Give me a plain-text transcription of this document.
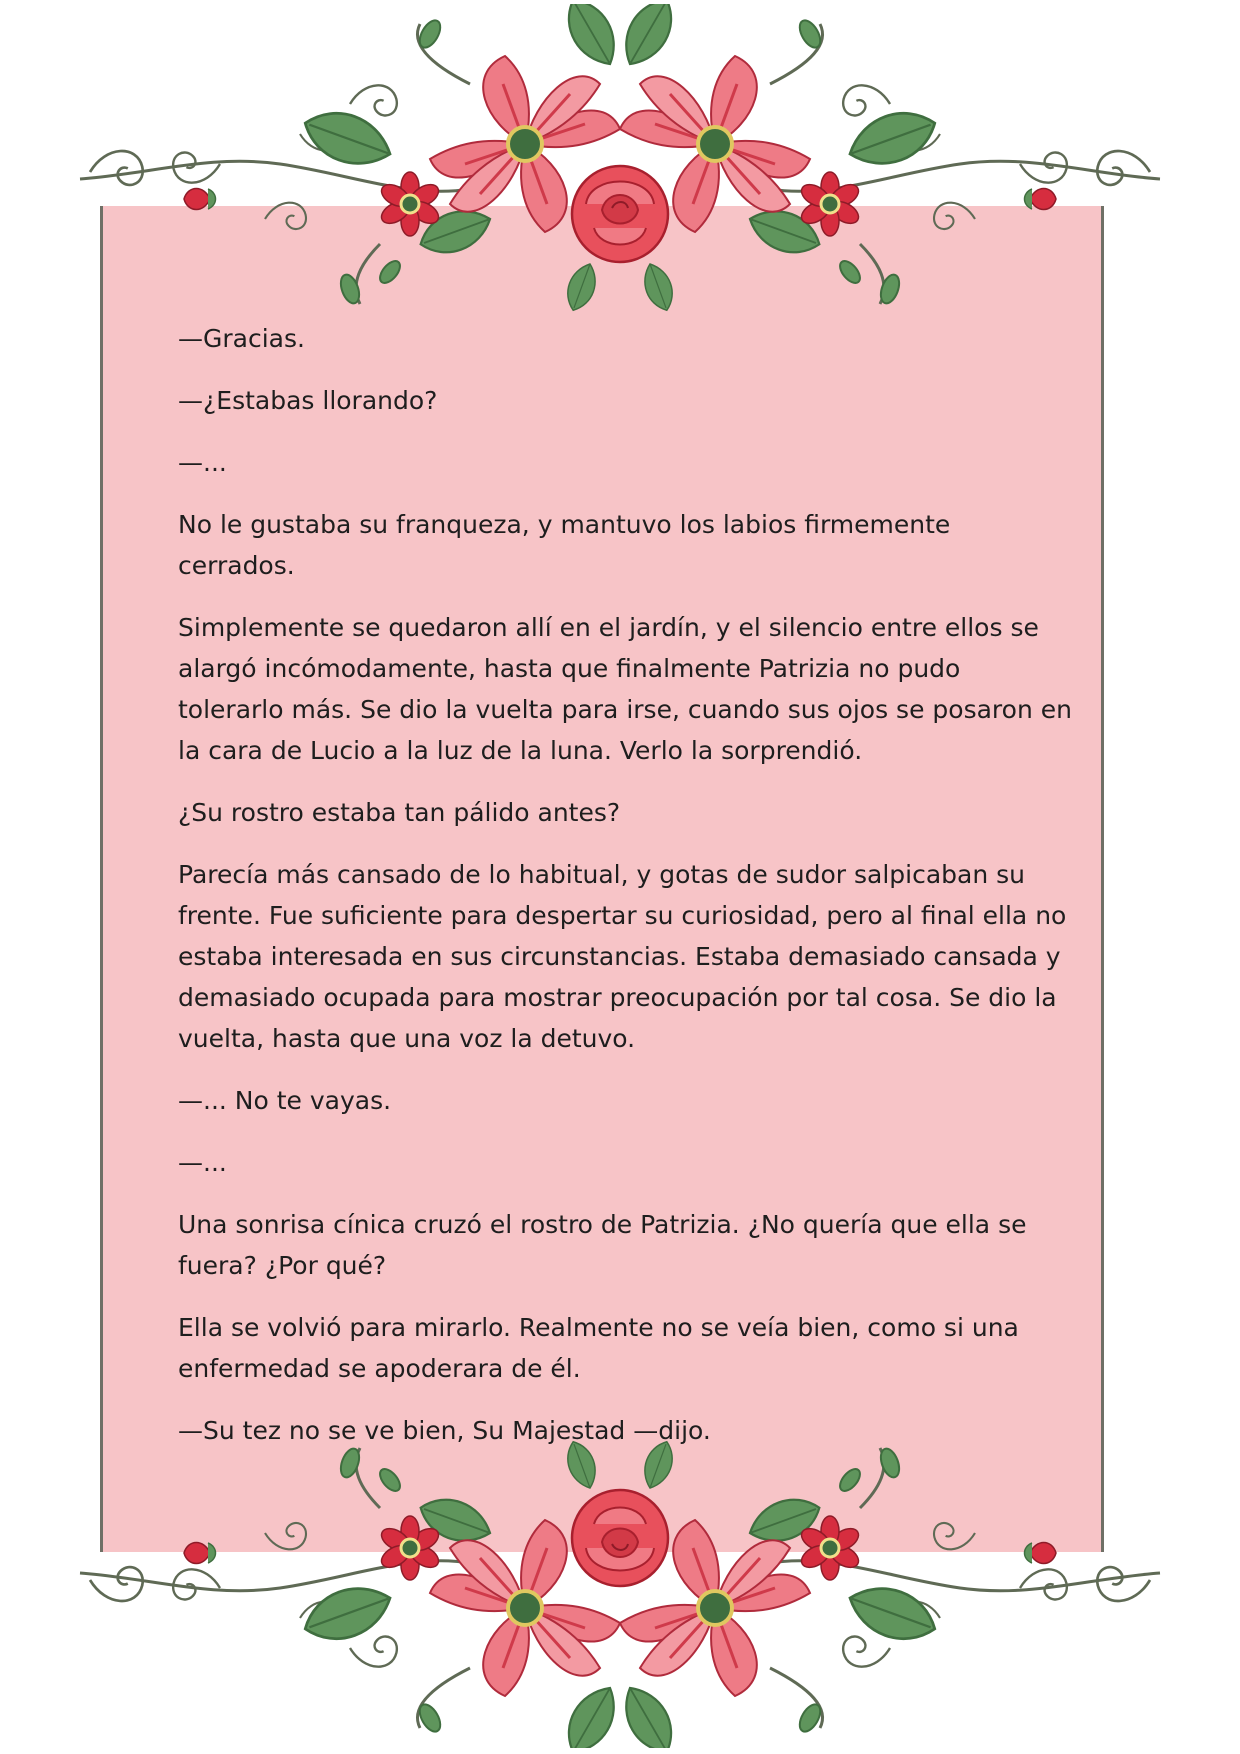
—Gracias.

—¿Estabas llorando?

—...

No le gustaba su franqueza, y mantuvo los labios firmemente cerrados.

Simplemente se quedaron allí en el jardín, y el silencio entre ellos se alargó incómodamente, hasta que finalmente Patrizia no pudo tolerarlo más. Se dio la vuelta para irse, cuando sus ojos se posaron en la cara de Lucio a la luz de la luna. Verlo la sorprendió.

¿Su rostro estaba tan pálido antes?

Parecía más cansado de lo habitual, y gotas de sudor salpicaban su frente. Fue suficiente para despertar su curiosidad, pero al final ella no estaba interesada en sus circunstancias. Estaba demasiado cansada y demasiado ocupada para mostrar preocupación por tal cosa. Se dio la vuelta, hasta que una voz la detuvo.

—... No te vayas.

—...

Una sonrisa cínica cruzó el rostro de Patrizia. ¿No quería que ella se fuera? ¿Por qué?

Ella se volvió para mirarlo. Realmente no se veía bien, como si una enfermedad se apoderara de él.

—Su tez no se ve bien, Su Majestad —dijo.
